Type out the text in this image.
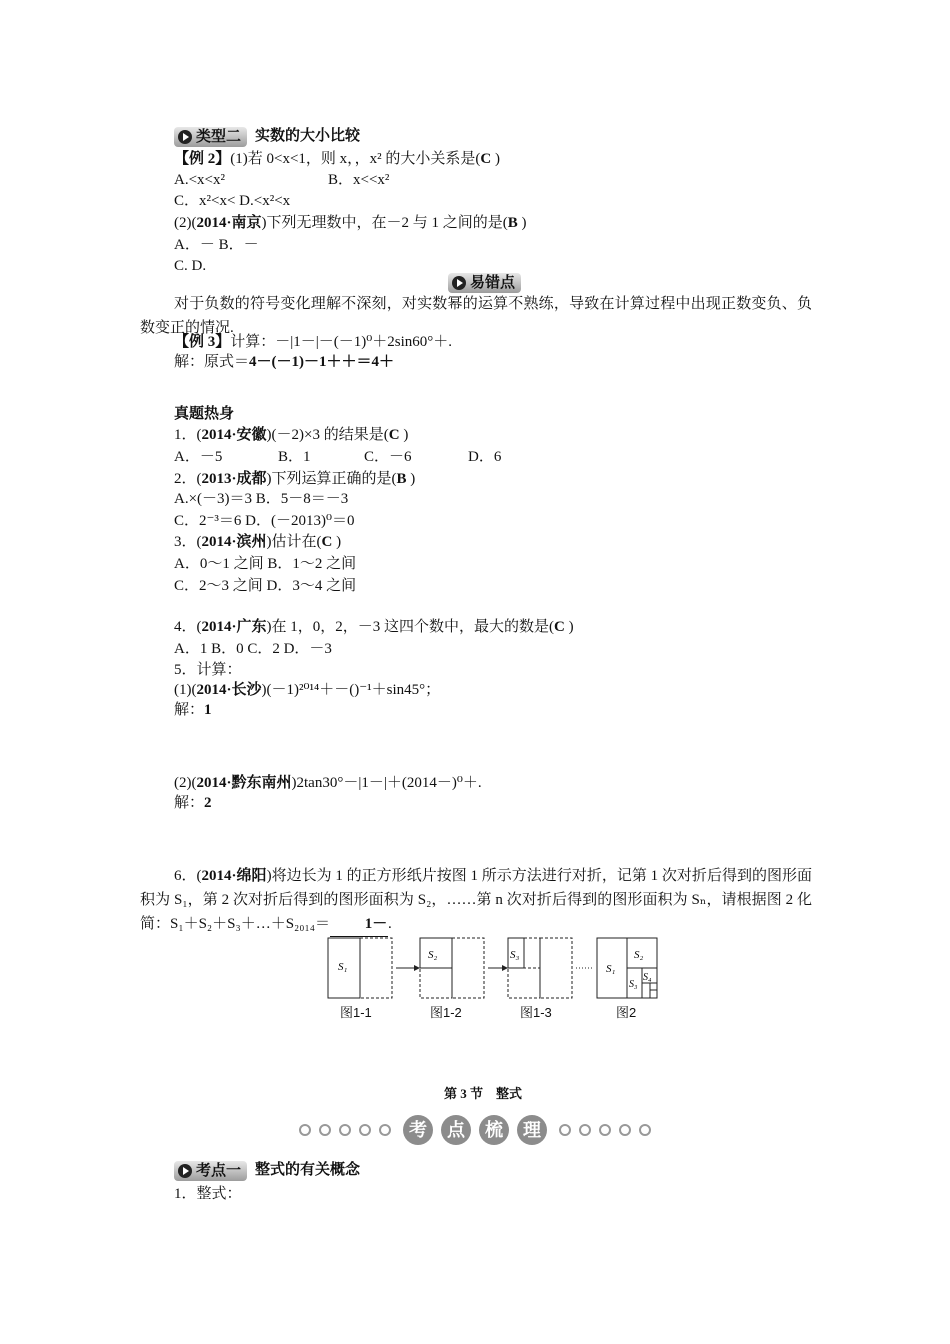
类型二 实数的大小比较
【例 2】(1)若 0<x<1，则 x，，x² 的大小关系是(C )
A.<x<x²	B．x<<x²
C．x²<x< D.<x²<x
(2)(2014·南京)下列无理数中，在－2 与 1 之间的是(B )
A．－ B．－
C. D.
易错点
对于负数的符号变化理解不深刻，对实数幂的运算不熟练，导致在计算过程中出现正数变负、负数变正的情况.
【例 3】计算：－|1－|－(－1)⁰＋2sin60°＋.
解：原式＝4－(－1)－1＋＋＝4＋
真题热身
1．(2014·安徽)(－2)×3 的结果是(C )
A．－5	B．1	C．－6	D．6
2．(2013·成都)下列运算正确的是(B )
A.×(－3)＝3 B．5－8＝－3
C．2⁻³＝6 D．(－2013)⁰＝0
3．(2014·滨州)估计在(C )
A．0～1 之间 B．1～2 之间
C．2～3 之间 D．3～4 之间
4．(2014·广东)在 1，0，2，－3 这四个数中，最大的数是(C )
A．1 B．0 C．2 D．－3
5．计算：
(1)(2014·长沙)(－1)²⁰¹⁴＋－()⁻¹＋sin45°；
解：1
(2)(2014·黔东南州)2tan30°－|1－|＋(2014－)⁰＋.
解：2
6．(2014·绵阳)将边长为 1 的正方形纸片按图 1 所示方法进行对折，记第 1 次对折后得到的图形面积为 S₁，第 2 次对折后得到的图形面积为 S₂，……第 n 次对折后得到的图形面积为 Sₙ，请根据图 2 化简：S₁＋S₂＋S₃＋…＋S₂₀₁₄＝ 1－.
S₁
S₂	S₃
S₁
S₂
S₃
S₄
图1-1	图1-2	图1-3	图2
第 3 节　整式
考 点 梳 理
考点一 整式的有关概念
1．整式：
